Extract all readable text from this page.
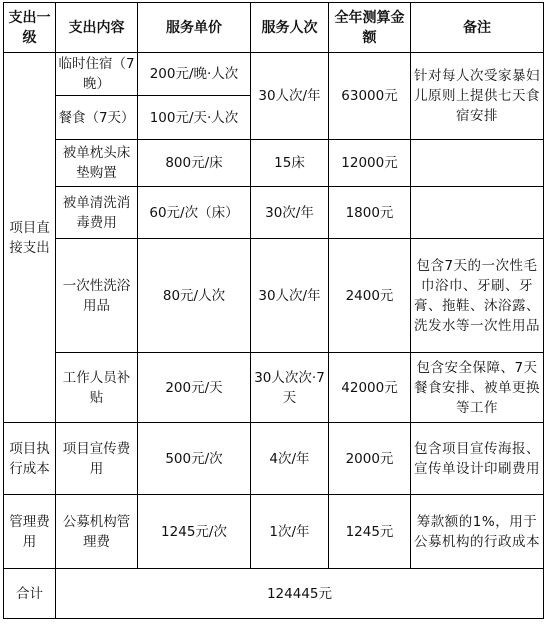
支出一级	支出内容	服务单价	服务人次	全年测算金额	备注
项目直接支出	临时住宿（7晚）	200元/晚·人次	30人次/年	63000元	针对每人次受家暴妇儿原则上提供七天食宿安排
	餐食（7天）	100元/天·人次			
	被单枕头床垫购置	800元/床	15床	12000元	
	被单清洗消毒费用	60元/次（床）	30次/年	1800元	
	一次性洗浴用品	80元/人次	30人次/年	2400元	包含7天的一次性毛巾浴巾、牙刷、牙膏、拖鞋、沐浴露、洗发水等一次性用品
	工作人员补贴	200元/天	30人次次·7天	42000元	包含安全保障、7天餐食安排、被单更换等工作
项目执行成本	项目宣传费用	500元/次	4次/年	2000元	包含项目宣传海报、宣传单设计印刷费用
管理费用	公募机构管理费	1245元/次	1次/年	1245元	筹款额的1%，用于公募机构的行政成本
合计	124445元				
